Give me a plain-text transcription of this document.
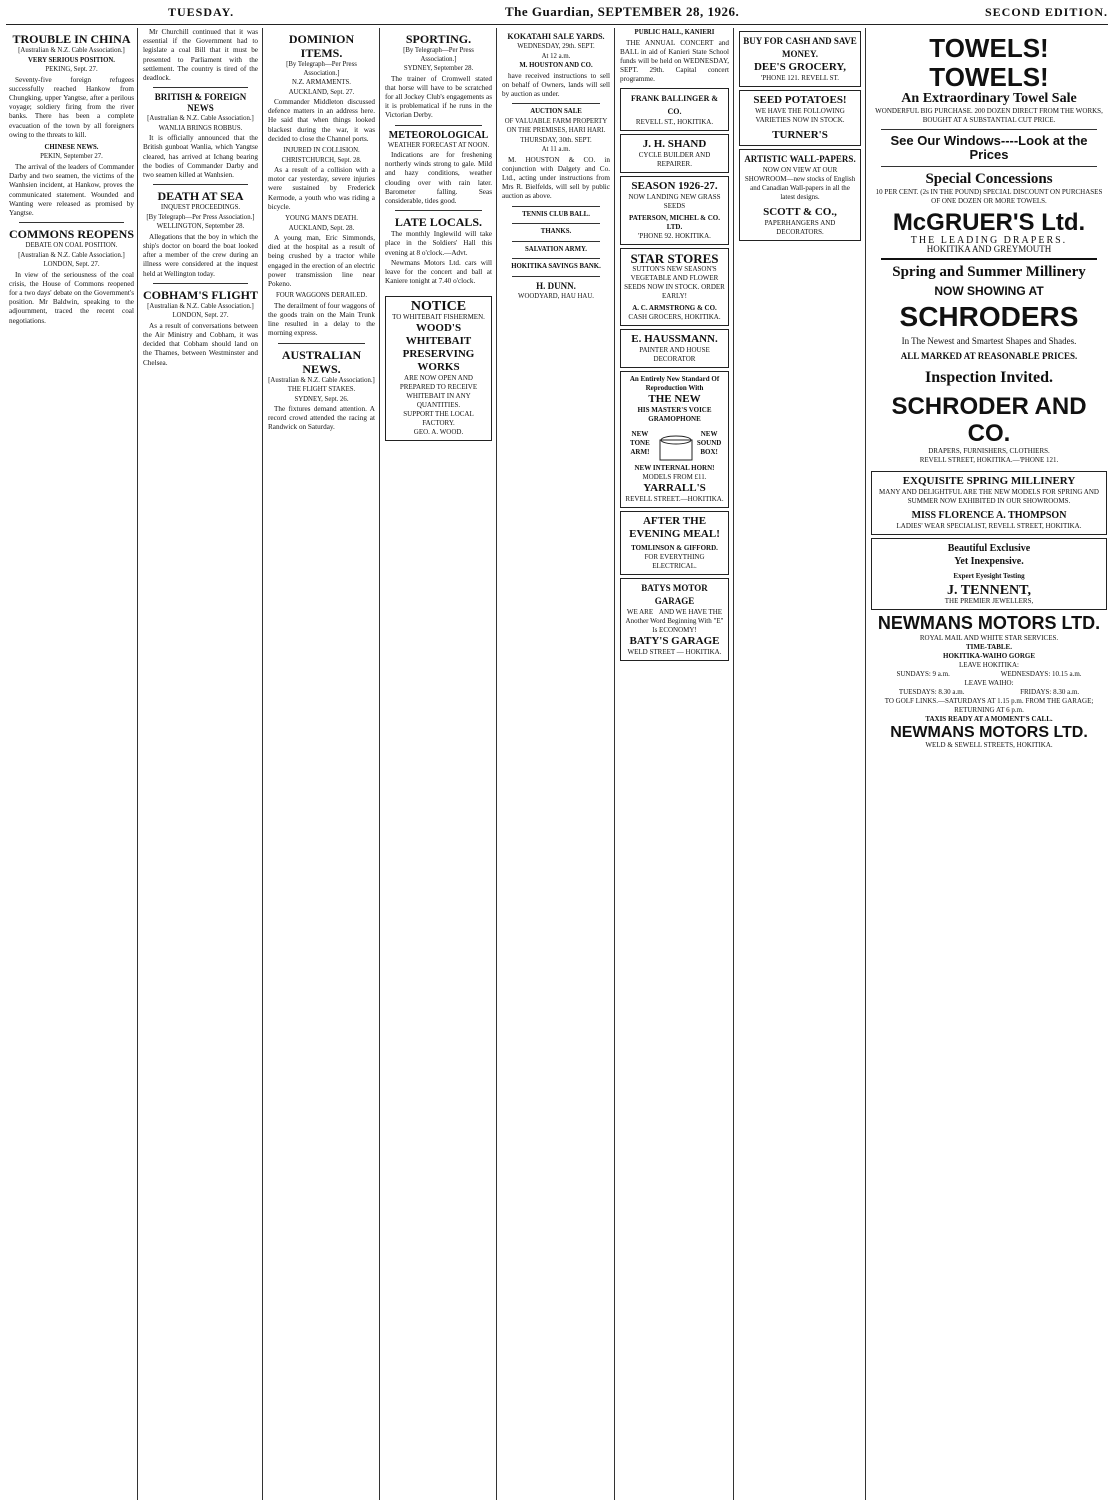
TUESDAY.	The Guardian, SEPTEMBER 28, 1926.	SECOND EDITION.
TROUBLE IN CHINA
[Australian & N.Z. Cable Association.]
VERY SERIOUS POSITION.
PEKING, Sept. 27.
Seventy-five foreign refugees successfully reached Hankow from Chungking, upper Yangtse, after a perilous voyage; soldiery firing from the river banks. There has been a complete evacuation of the town by all foreigners owing to the threats to kill.
CHINESE NEWS.
PEKIN, September 27.
The arrival of the leaders of Commander Darby and two seamen, the victims of the Wanhsien incident, at Hankow, proves the communicated statement. Wounded and Wanting were released as promised by Yangtse.
COMMONS REOPENS
DEBATE ON COAL POSITION.
[Australian & N.Z. Cable Association.]
LONDON, Sept. 27.
In view of the seriousness of the coal crisis, the House of Commons reopened for a two days' debate on the Government's position. Mr Baldwin, speaking to the adjournment, traced the recent coal negotiations.
Mr Churchill continued that it was essential if the Government had to legislate a coal Bill that it must be presented to Parliament with the settlement. The country is tired of the deadlock.
BRITISH & FOREIGN NEWS
[Australian & N.Z. Cable Association.]
WANLIA BRINGS ROBBUS.
It is officially announced that the British gunboat Wanlia, which Yangtse cleared, has arrived at Ichang bearing the bodies of Commander Darby and two seamen killed at Wanhsien.
DEATH AT SEA
INQUEST PROCEEDINGS.
[By Telegraph—Per Press Association.]
WELLINGTON, September 28.
Allegations that the boy in which the ship's doctor on board the boat looked after a member of the crew during an illness were considered at the inquest held at Wellington today.
COBHAM'S FLIGHT
[Australian & N.Z. Cable Association.]
LONDON, Sept. 27.
As a result of conversations between the Air Ministry and Cobham, it was decided that Cobham should land on the Thames, between Westminster and Chelsea.
DOMINION ITEMS.
[By Telegraph—Per Press Association.]
N.Z. ARMAMENTS.
AUCKLAND, Sept. 27.
Commander Middleton discussed defence matters in an address here. He said that when things looked blackest during the war, it was decided to close the Channel ports.
INJURED IN COLLISION.
CHRISTCHURCH, Sept. 28.
As a result of a collision with a motor car yesterday, severe injuries were sustained by Frederick Kermode, a youth who was riding a bicycle.
YOUNG MAN'S DEATH.
AUCKLAND, Sept. 28.
A young man, Eric Simmonds, died at the hospital as a result of being crushed by a tractor while engaged in the erection of an electric power transmission line near Pokeno.
FOUR WAGGONS DERAILED.
The derailment of four waggons of the goods train on the Main Trunk line resulted in a delay to the morning express.
AUSTRALIAN NEWS.
[Australian & N.Z. Cable Association.]
THE FLIGHT STAKES.
SYDNEY, Sept. 26.
The fixtures demand attention. A record crowd attended the racing at Randwick on Saturday.
SPORTING.
[By Telegraph—Per Press Association.]
SYDNEY, September 28.
The trainer of Cromwell stated that horse will have to be scratched for all Jockey Club's engagements as it is problematical if he runs in the Victorian Derby.
METEOROLOGICAL
WEATHER FORECAST AT NOON.
Indications are for freshening northerly winds strong to gale. Mild and hazy conditions, weather clouding over with rain later. Barometer falling. Seas considerable, tides good.
LATE LOCALS.
The monthly Inglewild will take place in the Soldiers' Hall this evening at 8 o'clock.—Advt.
Newmans Motors Ltd. cars will leave for the concert and ball at Kaniere tonight at 7.40 o'clock.
NOTICE
TO WHITEBAIT FISHERMEN.
WOOD'S WHITEBAIT PRESERVING WORKS
ARE NOW OPEN AND PREPARED TO RECEIVE WHITEBAIT IN ANY QUANTITIES.
SUPPORT THE LOCAL FACTORY.
GEO. A. WOOD.
KOKATAHI SALE YARDS.
WEDNESDAY, 29th. SEPT.
At 12 a.m.
M. HOUSTON AND CO.
have received instructions to sell on behalf of Owners, lands will sell by auction as under.
AUCTION SALE
OF VALUABLE FARM PROPERTY
ON THE PREMISES, HARI HARI.
THURSDAY, 30th. SEPT.
At 11 a.m.
M. HOUSTON & CO. in conjunction with Dalgety and Co. Ltd., acting under instructions from Mrs R. Bielfelds, will sell by public auction as above.
TENNIS CLUB BALL.
THANKS.
SALVATION ARMY.
HOKITIKA SAVINGS BANK.
H. DUNN.
WOODYARD, HAU HAU.
PUBLIC HALL, KANIERI
THE ANNUAL CONCERT and BALL in aid of Kanieri State School funds will be held on WEDNESDAY, SEPT. 29th. Capital concert programme.
FRANK BALLINGER & CO.
REVELL ST., HOKITIKA.
J. H. SHAND
CYCLE BUILDER AND REPAIRER.
SEASON 1926-27.
NOW LANDING NEW GRASS SEEDS
PATERSON, MICHEL & CO. LTD.
'PHONE 92. HOKITIKA.
STAR STORES
SUTTON'S NEW SEASON'S VEGETABLE AND FLOWER SEEDS NOW IN STOCK. ORDER EARLY!
A. C. ARMSTRONG & CO.
CASH GROCERS, HOKITIKA.
E. HAUSSMANN.
PAINTER AND HOUSE DECORATOR
An Entirely New Standard Of Reproduction With
THE NEW
HIS MASTER'S VOICE GRAMOPHONE
NEW TONE ARM!
NEW SOUND BOX!
NEW INTERNAL HORN!
MODELS FROM £11.
YARRALL'S
REVELL STREET.—HOKITIKA.
AFTER THE EVENING MEAL!
TOMLINSON & GIFFORD.
FOR EVERYTHING ELECTRICAL.
BATYS MOTOR GARAGE
WE ARE AND WE HAVE THE
Another Word Beginning With "E" Is ECONOMY!
BATY'S GARAGE
WELD STREET — HOKITIKA.
BUY FOR CASH AND SAVE MONEY.
DEE'S GROCERY,
'PHONE 121. REVELL ST.
SEED POTATOES!
WE HAVE THE FOLLOWING VARIETIES NOW IN STOCK.
TURNER'S
ARTISTIC WALL-PAPERS.
NOW ON VIEW AT OUR SHOWROOM—new stocks of English and Canadian Wall-papers in all the latest designs.
SCOTT & CO.,
PAPERHANGERS AND DECORATORS.
TOWELS! TOWELS!
An Extraordinary Towel Sale
WONDERFUL BIG PURCHASE. 200 DOZEN DIRECT FROM THE WORKS, BOUGHT AT A SUBSTANTIAL CUT PRICE.
See Our Windows----Look at the Prices
Special Concessions
10 PER CENT. (2s IN THE POUND) SPECIAL DISCOUNT ON PURCHASES OF ONE DOZEN OR MORE TOWELS.
McGRUER'S Ltd.
THE LEADING DRAPERS.
HOKITIKA AND GREYMOUTH
Spring and Summer Millinery
NOW SHOWING AT
SCHRODERS
In The Newest and Smartest Shapes and Shades.
ALL MARKED AT REASONABLE PRICES.
Inspection Invited.
SCHRODER AND CO.
DRAPERS, FURNISHERS, CLOTHIERS.
REVELL STREET, HOKITIKA.—'PHONE 121.
EXQUISITE SPRING MILLINERY
MANY AND DELIGHTFUL ARE THE NEW MODELS FOR SPRING AND SUMMER NOW EXHIBITED IN OUR SHOWROOMS.
MISS FLORENCE A. THOMPSON
LADIES' WEAR SPECIALIST, REVELL STREET, HOKITIKA.
Beautiful Exclusive
Yet Inexpensive.
Expert Eyesight Testing
J. TENNENT,
THE PREMIER JEWELLERS,
NEWMANS MOTORS LTD.
ROYAL MAIL AND WHITE STAR SERVICES.
TIME-TABLE.
HOKITIKA-WAIHO GORGE
LEAVE HOKITIKA:
SUNDAYS: 9 a.m.	WEDNESDAYS: 10.15 a.m.
LEAVE WAIHO:
TUESDAYS: 8.30 a.m.	FRIDAYS: 8.30 a.m.
TO GOLF LINKS.—SATURDAYS AT 1.15 p.m. FROM THE GARAGE; RETURNING AT 6 p.m.
TAXIS READY AT A MOMENT'S CALL.
NEWMANS MOTORS LTD.
WELD & SEWELL STREETS, HOKITIKA.
